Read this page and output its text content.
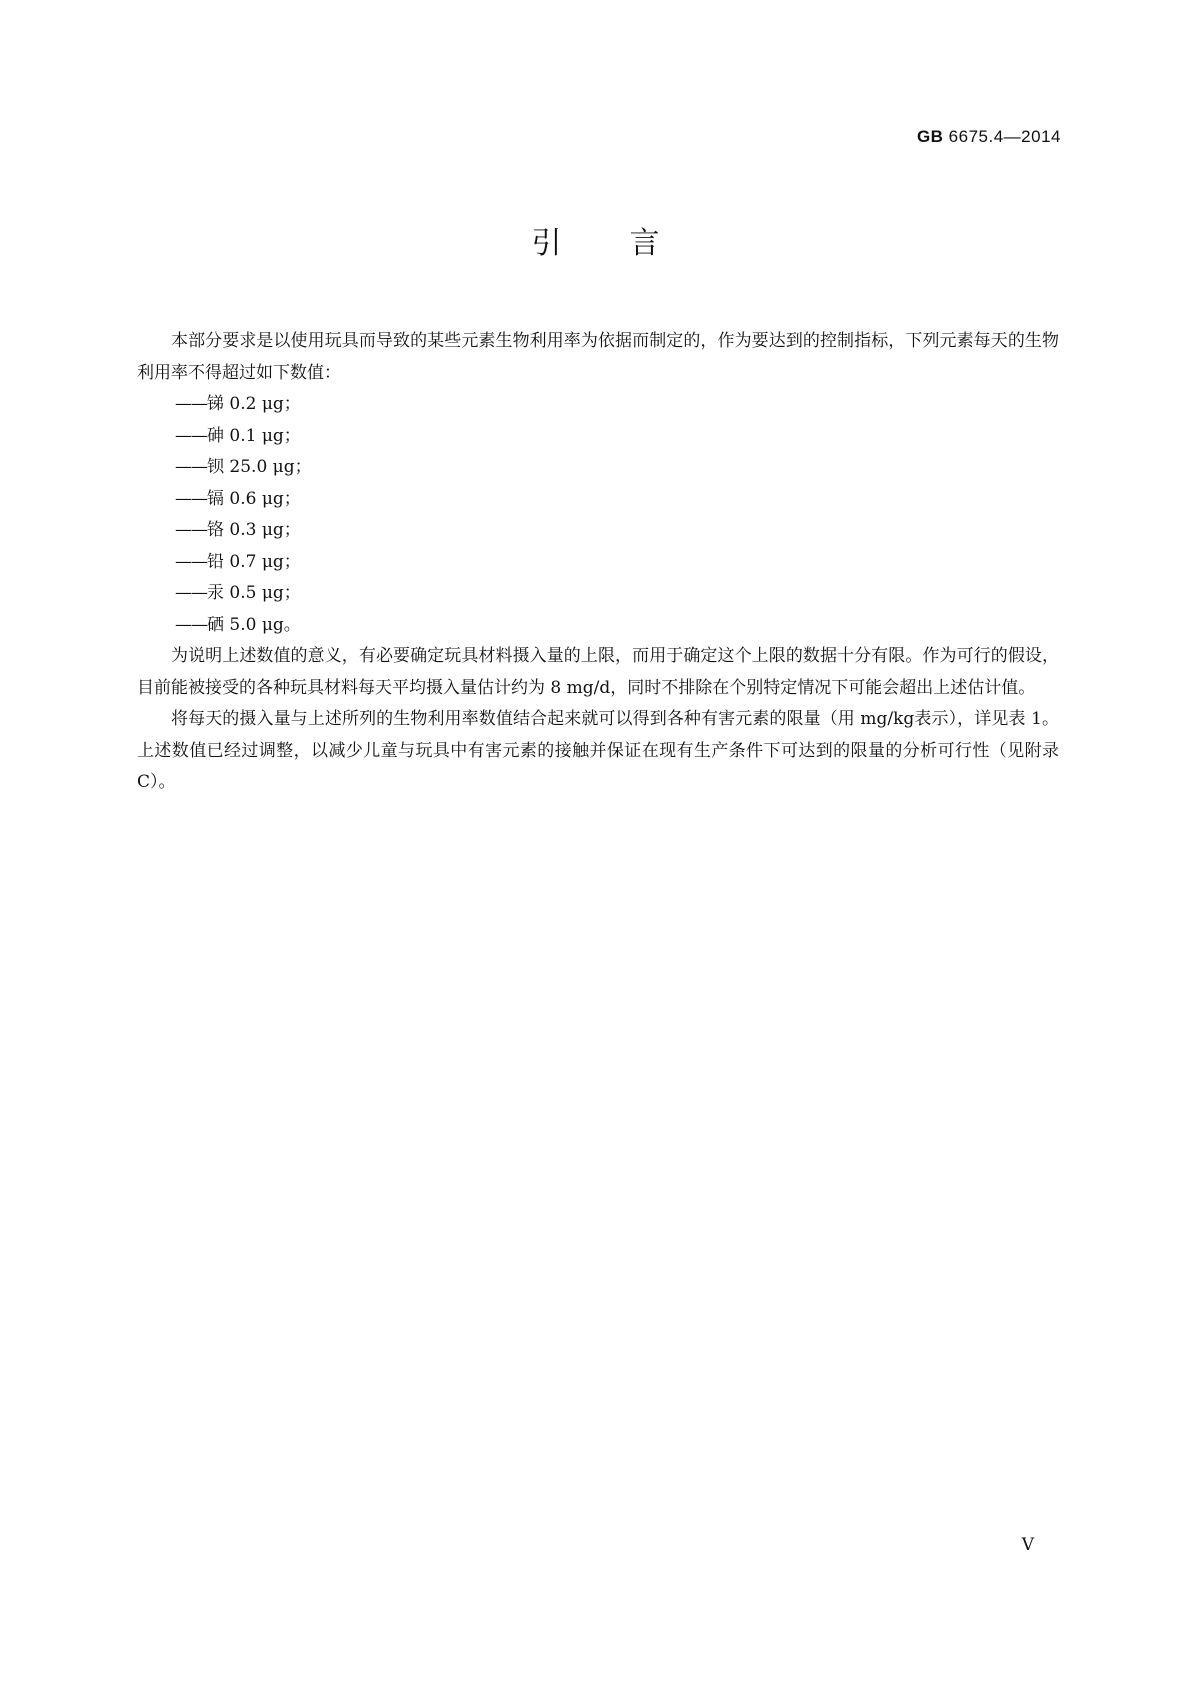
GB 6675.4—2014
引 言

本部分要求是以使用玩具而导致的某些元素生物利用率为依据而制定的，作为要达到的控制指标，下列元素每天的生物利用率不得超过如下数值：

——锑 0.2 μg；
——砷 0.1 μg；
——钡 25.0 μg；
——镉 0.6 μg；
——铬 0.3 μg；
——铅 0.7 μg；
——汞 0.5 μg；
——硒 5.0 μg。

为说明上述数值的意义，有必要确定玩具材料摄入量的上限，而用于确定这个上限的数据十分有限。作为可行的假设，目前能被接受的各种玩具材料每天平均摄入量估计约为 8 mg/d，同时不排除在个别特定情况下可能会超出上述估计值。

将每天的摄入量与上述所列的生物利用率数值结合起来就可以得到各种有害元素的限量（用 mg/kg表示），详见表 1。上述数值已经过调整，以减少儿童与玩具中有害元素的接触并保证在现有生产条件下可达到的限量的分析可行性（见附录 C）。

V
